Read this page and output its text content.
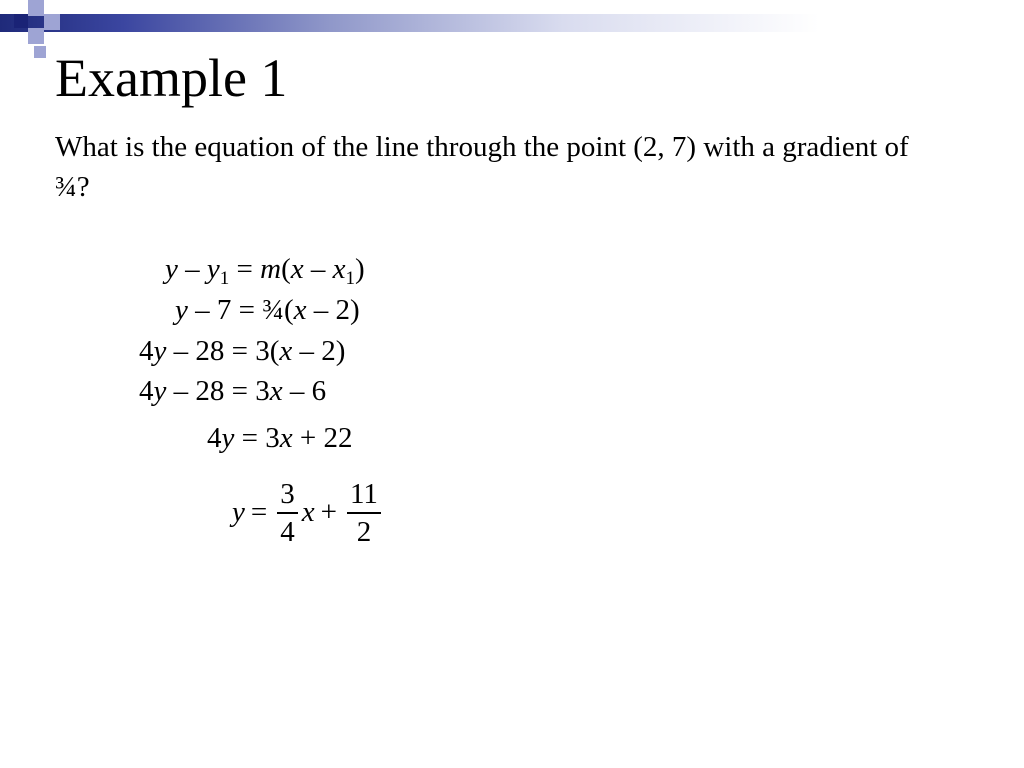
Example 1
What is the equation of the line through the point (2, 7) with a gradient of ¾?
$y - y_1 = m(x - x_1)$
y – 7 = ¾(x – 2)
4y – 28 = 3(x – 2)
4y – 28 = 3x – 6
4y = 3x + 22
$y = \frac{3}{4}$ $x + \frac{11}{2}$
